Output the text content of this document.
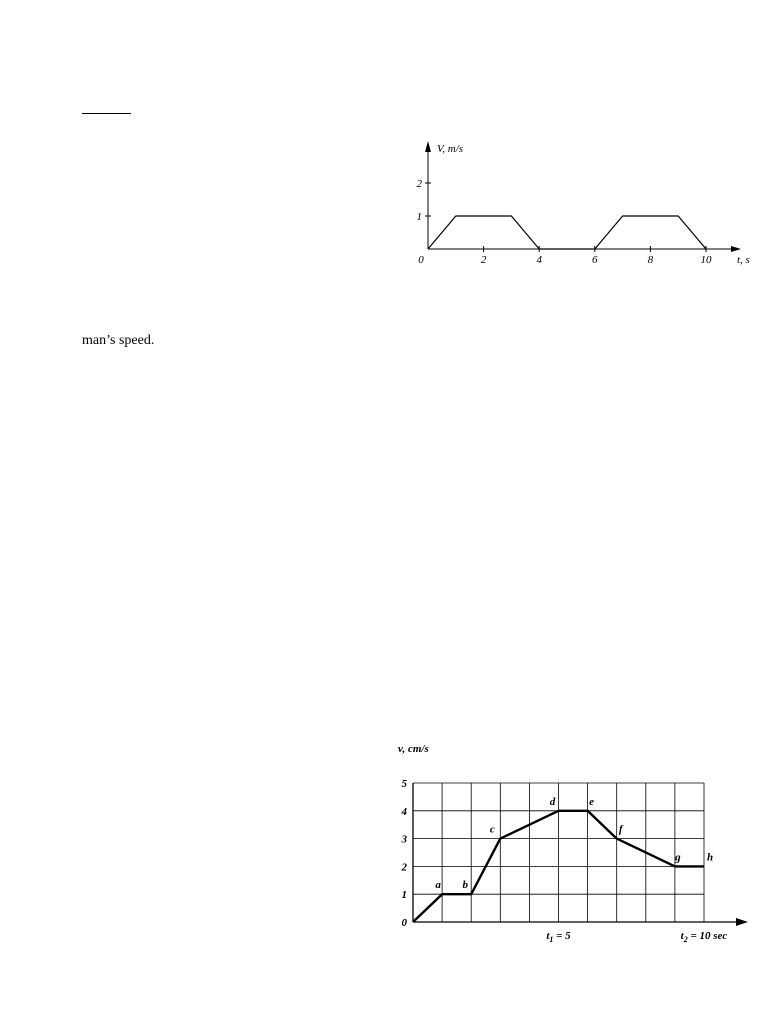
man’s speed.
V, m/s
t, s
0	2	4	6	8	10
1
2
v, cm/s
0
1
2
3
4
5
$t_1 = 5$	$t_2 = 10$ sec
a b
c
d	e
f
g h
